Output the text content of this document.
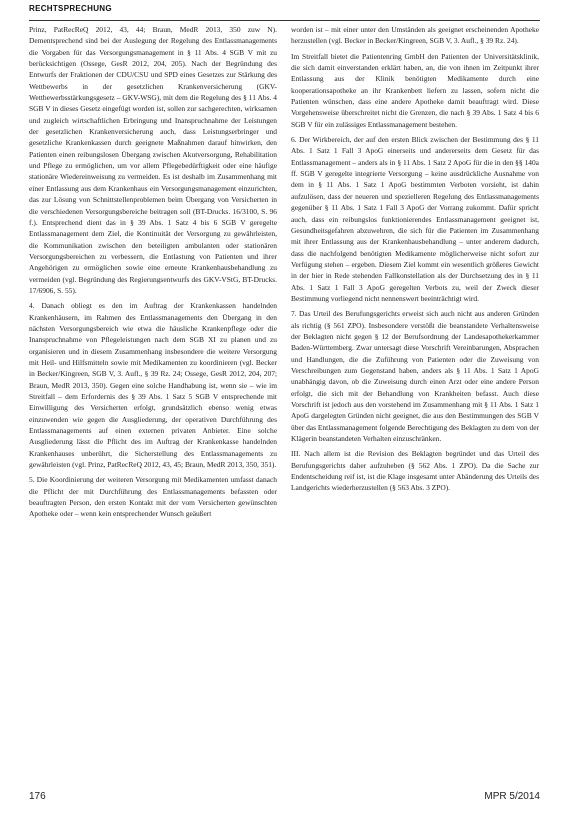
RECHTSPRECHUNG

Prinz, PatRecReQ 2012, 43, 44; Braun, MedR 2013, 350 zuw N). Dementsprechend sind bei der Auslegung der Regelung des Entlassmanagements die Vorgaben für das Versorgungsmanagement in § 11 Abs. 4 SGB V mit zu berücksichtigen (Ossege, GesR 2012, 204, 205). Nach der Begründung des Entwurfs der Fraktionen der CDU/CSU und SPD eines Gesetzes zur Stärkung des Wettbewerbs in der gesetzlichen Krankenversicherung (GKV-Wettbewerbsstärkungsgesetz – GKV-WSG), mit dem die Regelung des § 11 Abs. 4 SGB V in dieses Gesetz eingefügt worden ist, sollen zur sachgerechten, wirksamen und zugleich wirtschaftlichen Erbringung und Inanspruchnahme der Leistungen der gesetzlichen Krankenversicherung auch, dass Leistungserbringer und gesetzliche Krankenkassen durch geeignete Maßnahmen darauf hinwirken, den Patienten einen reibungslosen Übergang zwischen Akutversorgung, Rehabilitation und Pflege zu ermöglichen, um vor allem Pflegebedürftigkeit oder eine häufige stationäre Wiedereinweisung zu vermeiden. Es ist deshalb im Zusammenhang mit einer Entlassung aus dem Krankenhaus ein Versorgungsmanagement einzurichten, das zur Lösung von Schnittstellenproblemen beim Übergang von Versicherten in die verschiedenen Versorgungsbereiche beitragen soll (BT-Drucks. 16/3100, S. 96 f.). Entsprechend dient das in § 39 Abs. 1 Satz 4 bis 6 SGB V geregelte Entlassmanagement dem Ziel, die Kontinuität der Versorgung zu gewährleisten, die Kommunikation zwischen den beteiligten ambulanten oder stationären Versorgungsbereichen zu verbessern, die Entlastung von Patienten und ihrer Angehörigen zu ermöglichen sowie eine erneute Krankenhausbehandlung zu vermeiden (vgl. Begründung des Regierungsentwurfs des GKV-VStG, BT-Drucks. 17/6906, S. 55).

4. Danach obliegt es den im Auftrag der Krankenkassen handelnden Krankenhäusern, im Rahmen des Entlassmanagements den Übergang in den nächsten Versorgungsbereich wie etwa die häusliche Krankenpflege oder die Inanspruchnahme von Pflegeleistungen nach dem SGB XI zu planen und zu organisieren und in diesem Zusammenhang insbesondere die weitere Versorgung mit Heil- und Hilfsmitteln sowie mit Medikamenten zu koordinieren (vgl. Becker in Becker/Kingreen, SGB V, 3. Aufl., § 39 Rz. 24; Ossege, GesR 2012, 204, 207; Braun, MedR 2013, 350). Gegen eine solche Handhabung ist, wenn sie – wie im Streitfall – dem Erfordernis des § 39 Abs. 1 Satz 5 SGB V entsprechende mit Einwilligung des Versicherten erfolgt, grundsätzlich ebenso wenig etwas einzuwenden wie gegen die Ausgliederung, der operativen Durchführung des Entlassmanagements auf einen externen privaten Anbieter. Eine solche Ausgliederung lässt die Pflicht des im Auftrag der Krankenkasse handelnden Krankenhauses unberührt, die Sicherstellung des Entlassmanagements zu gewährleisten (vgl. Prinz, PatRecReQ 2012, 43, 45; Braun, MedR 2013, 350, 351).

5. Die Koordinierung der weiteren Versorgung mit Medikamenten umfasst danach die Pflicht der mit Durchführung des Entlassmanagements befassten oder beauftragten Person, den ersten Kontakt mit der vom Versicherten gewünschten Apotheke oder – wenn kein entsprechender Wunsch geäußert

worden ist – mit einer unter den Umständen als geeignet erscheinenden Apotheke herzustellen (vgl. Becker in Becker/Kingreen, SGB V, 3. Aufl., § 39 Rz. 24).

Im Streitfall bietet die Patientenring GmbH den Patienten der Universitätsklinik, die sich damit einverstanden erklärt haben, an, die von ihnen im Zeitpunkt ihrer Entlassung aus der Klinik benötigten Medikamente durch eine kooperationsapotheke an ihr Krankenbett liefern zu lassen, sofern nicht die Patienten wünschen, dass eine andere Apotheke damit beauftragt wird. Diese Vorgehensweise überschreitet nicht die Grenzen, die nach § 39 Abs. 1 Satz 4 bis 6 SGB V für ein zulässiges Entlassmanagement bestehen.

6. Der Wirkbereich, der auf den ersten Blick zwischen der Bestimmung des § 11 Abs. 1 Satz 1 Fall 3 ApoG einerseits und andererseits dem Gesetz für das Entlassmanagement – anders als in § 11 Abs. 1 Satz 2 ApoG für die in den §§ 140a ff. SGB V geregelte integrierte Versorgung – keine ausdrückliche Ausnahme von dem in § 11 Abs. 1 Satz 1 ApoG bestimmten Verboten vorsieht, ist dahin aufzulösen, dass der neueren und spezielleren Regelung des Entlassmanagements gegenüber § 11 Abs. 1 Satz 1 Fall 3 ApoG der Vorrang zukommt. Dafür spricht auch, dass ein reibungslos funktionierendes Entlassmanagement geeignet ist, Gesundheitsgefahren abzuwehren, die sich für die Patienten im Zusammenhang mit ihrer Entlassung aus der Krankenhausbehandlung – unter anderem dadurch, dass die nachfolgend benötigten Medikamente möglicherweise nicht sofort zur Verfügung stehen – ergeben. Diesem Ziel kommt ein wesentlich größeres Gewicht in der hier in Rede stehenden Fallkonstellation als der Durchsetzung des in § 11 Abs. 1 Satz 1 Fall 3 ApoG geregelten Verbots zu, weil der Zweck dieser Bestimmung vorliegend nicht nennenswert beeinträchtigt wird.

7. Das Urteil des Berufungsgerichts erweist sich auch nicht aus anderen Gründen als richtig (§ 561 ZPO). Insbesondere verstößt die beanstandete Verhaltensweise der Beklagten nicht gegen § 12 der Berufsordnung der Landesapothekerkammer Baden-Württemberg. Zwar untersagt diese Vorschrift Vereinbarungen, Absprachen und Handlungen, die die Zuführung von Patienten oder die Zuweisung von Verschreibungen zum Gegenstand haben, anders als § 11 Abs. 1 Satz 1 ApoG unabhängig davon, ob die Zuweisung durch einen Arzt oder eine andere Person erfolgt, die sich mit der Behandlung von Krankheiten befasst. Auch diese Vorschrift ist jedoch aus den vorstehend im Zusammenhang mit § 11 Abs. 1 Satz 1 ApoG dargelegten Gründen nicht geeignet, die aus den Bestimmungen des SGB V über das Entlassmanagement folgende Berechtigung des Beklagten zu dem von der Klägerin beanstandeten Verhalten einzuschränken.

III. Nach allem ist die Revision des Beklagten begründet und das Urteil des Berufungsgerichts daher aufzuheben (§ 562 Abs. 1 ZPO). Da die Sache zur Endentscheidung reif ist, ist die Klage insgesamt unter Abänderung des Urteils des Landgerichts wiederherzustellen (§ 563 Abs. 3 ZPO).

176	MPR 5/2014
